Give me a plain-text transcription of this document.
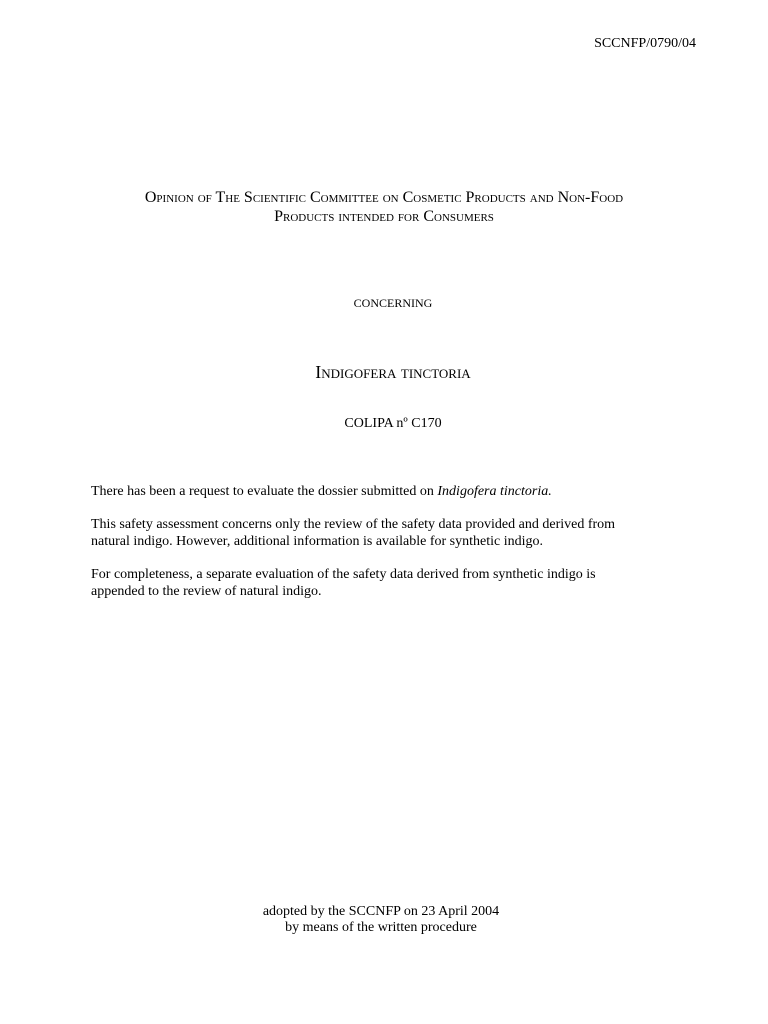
SCCNFP/0790/04
Opinion of The Scientific Committee on Cosmetic Products and Non-Food
Products intended for Consumers
CONCERNING
Indigofera tinctoria
COLIPA nº C170

There has been a request to evaluate the dossier submitted on Indigofera tinctoria.

This safety assessment concerns only the review of the safety data provided and derived from
natural indigo. However, additional information is available for synthetic indigo.

For completeness, a separate evaluation of the safety data derived from synthetic indigo is
appended to the review of natural indigo.

adopted by the SCCNFP on 23 April 2004
by means of the written procedure
